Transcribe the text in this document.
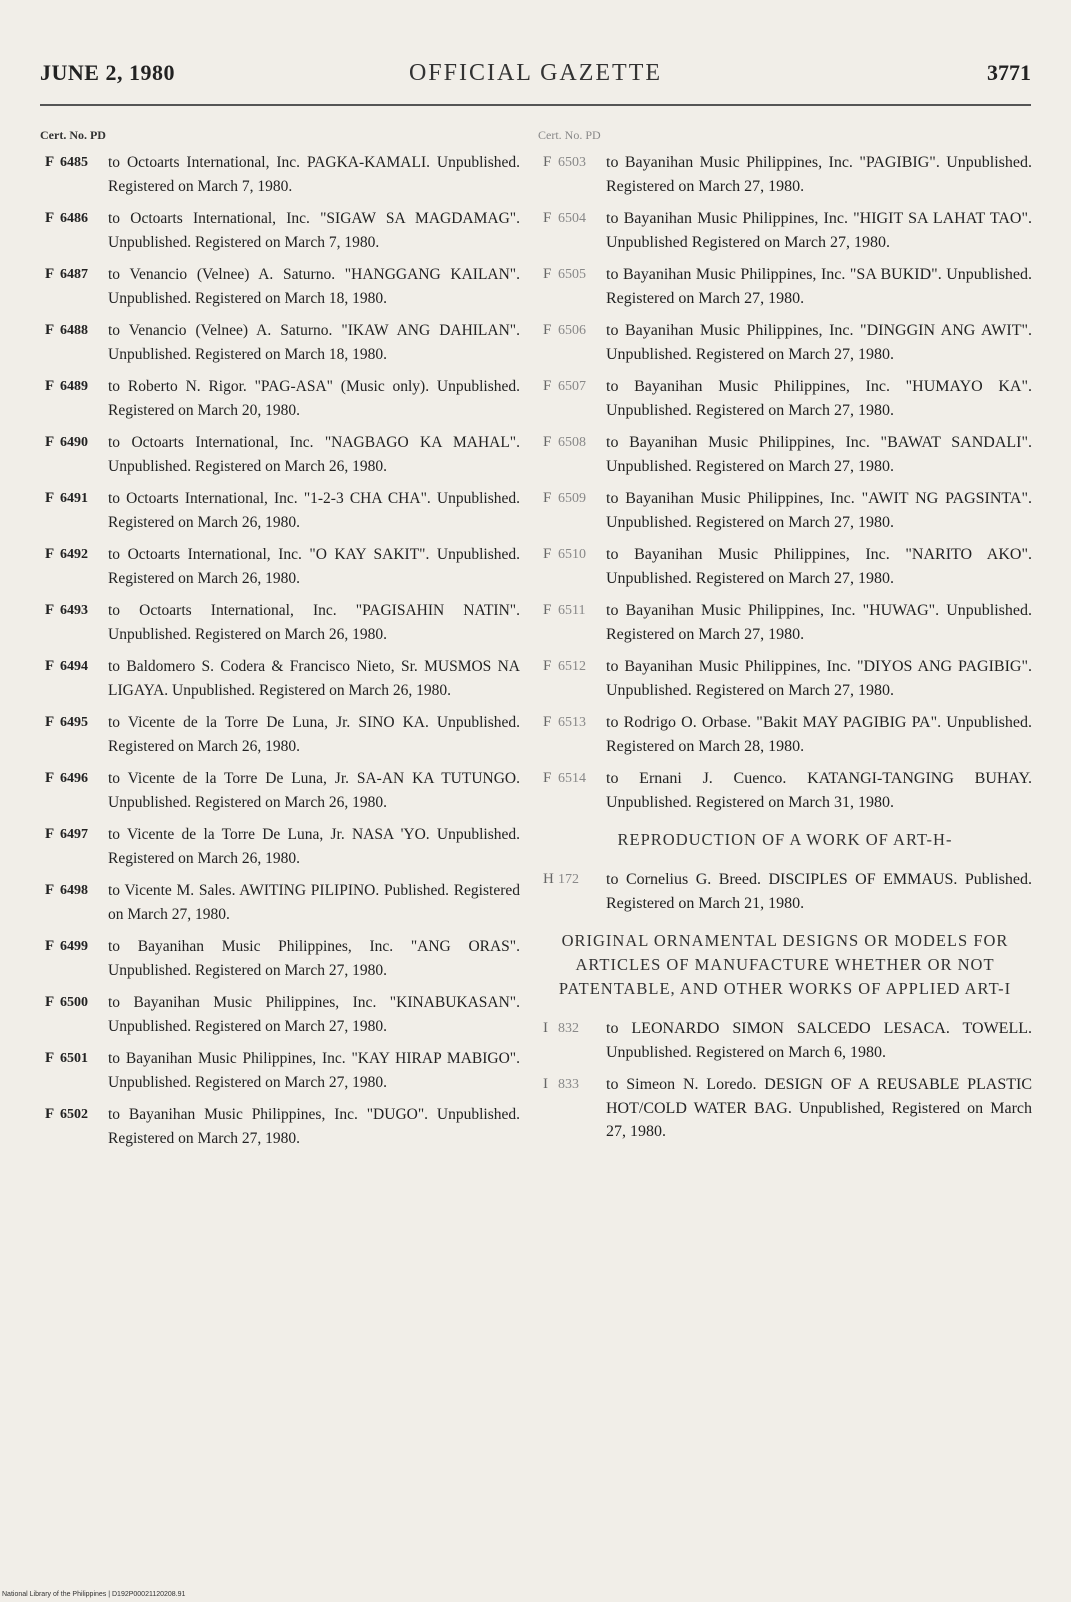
JUNE 2, 1980	OFFICIAL GAZETTE	3771
Cert. No. PD
F 6485 to Octoarts International, Inc. PAGKA-KAMALI. Unpublished. Registered on March 7, 1980.
F 6486 to Octoarts International, Inc. "SIGAW SA MAGDAMAG". Unpublished. Registered on March 7, 1980.
F 6487 to Venancio (Velnee) A. Saturno. "HANGGANG KAILAN". Unpublished. Registered on March 18, 1980.
F 6488 to Venancio (Velnee) A. Saturno. "IKAW ANG DAHILAN". Unpublished. Registered on March 18, 1980.
F 6489 to Roberto N. Rigor. "PAG-ASA" (Music only). Unpublished. Registered on March 20, 1980.
F 6490 to Octoarts International, Inc. "NAGBAGO KA MAHAL". Unpublished. Registered on March 26, 1980.
F 6491 to Octoarts International, Inc. "1-2-3 CHA CHA". Unpublished. Registered on March 26, 1980.
F 6492 to Octoarts International, Inc. "O KAY SAKIT". Unpublished. Registered on March 26, 1980.
F 6493 to Octoarts International, Inc. "PAGISAHIN NATIN". Unpublished. Registered on March 26, 1980.
F 6494 to Baldomero S. Codera & Francisco Nieto, Sr. MUSMOS NA LIGAYA. Unpublished. Registered on March 26, 1980.
F 6495 to Vicente de la Torre De Luna, Jr. SINO KA. Unpublished. Registered on March 26, 1980.
F 6496 to Vicente de la Torre De Luna, Jr. SA-AN KA TUTUNGO. Unpublished. Registered on March 26, 1980.
F 6497 to Vicente de la Torre De Luna, Jr. NASA 'YO. Unpublished. Registered on March 26, 1980.
F 6498 to Vicente M. Sales. AWITING PILIPINO. Published. Registered on March 27, 1980.
F 6499 to Bayanihan Music Philippines, Inc. "ANG ORAS". Unpublished. Registered on March 27, 1980.
F 6500 to Bayanihan Music Philippines, Inc. "KINABUKASAN". Unpublished. Registered on March 27, 1980.
F 6501 to Bayanihan Music Philippines, Inc. "KAY HIRAP MABIGO". Unpublished. Registered on March 27, 1980.
F 6502 to Bayanihan Music Philippines, Inc. "DUGO". Unpublished. Registered on March 27, 1980.
Cert. No. PD
F 6503 to Bayanihan Music Philippines, Inc. "PAGIBIG". Unpublished. Registered on March 27, 1980.
F 6504 to Bayanihan Music Philippines, Inc. "HIGIT SA LAHAT TAO". Unpublished Registered on March 27, 1980.
F 6505 to Bayanihan Music Philippines, Inc. "SA BUKID". Unpublished. Registered on March 27, 1980.
F 6506 to Bayanihan Music Philippines, Inc. "DINGGIN ANG AWIT". Unpublished. Registered on March 27, 1980.
F 6507 to Bayanihan Music Philippines, Inc. "HUMAYO KA". Unpublished. Registered on March 27, 1980.
F 6508 to Bayanihan Music Philippines, Inc. "BAWAT SANDALI". Unpublished. Registered on March 27, 1980.
F 6509 to Bayanihan Music Philippines, Inc. "AWIT NG PAGSINTA". Unpublished. Registered on March 27, 1980.
F 6510 to Bayanihan Music Philippines, Inc. "NARITO AKO". Unpublished. Registered on March 27, 1980.
F 6511 to Bayanihan Music Philippines, Inc. "HUWAG". Unpublished. Registered on March 27, 1980.
F 6512 to Bayanihan Music Philippines, Inc. "DIYOS ANG PAGIBIG". Unpublished. Registered on March 27, 1980.
F 6513 to Rodrigo O. Orbase. "Bakit MAY PAGIBIG PA". Unpublished. Registered on March 28, 1980.
F 6514 to Ernani J. Cuenco. KATANGI-TANGING BUHAY. Unpublished. Registered on March 31, 1980.
REPRODUCTION OF A WORK OF ART-H-
H 172 to Cornelius G. Breed. DISCIPLES OF EMMAUS. Published. Registered on March 21, 1980.
ORIGINAL ORNAMENTAL DESIGNS OR MODELS FOR ARTICLES OF MANUFACTURE WHETHER OR NOT PATENTABLE, AND OTHER WORKS OF APPLIED ART-I
I 832 to LEONARDO SIMON SALCEDO LESACA. TOWELL. Unpublished. Registered on March 6, 1980.
I 833 to Simeon N. Loredo. DESIGN OF A REUSABLE PLASTIC HOT/COLD WATER BAG. Unpublished, Registered on March 27, 1980.
National Library of the Philippines | D192P00021120208.91
